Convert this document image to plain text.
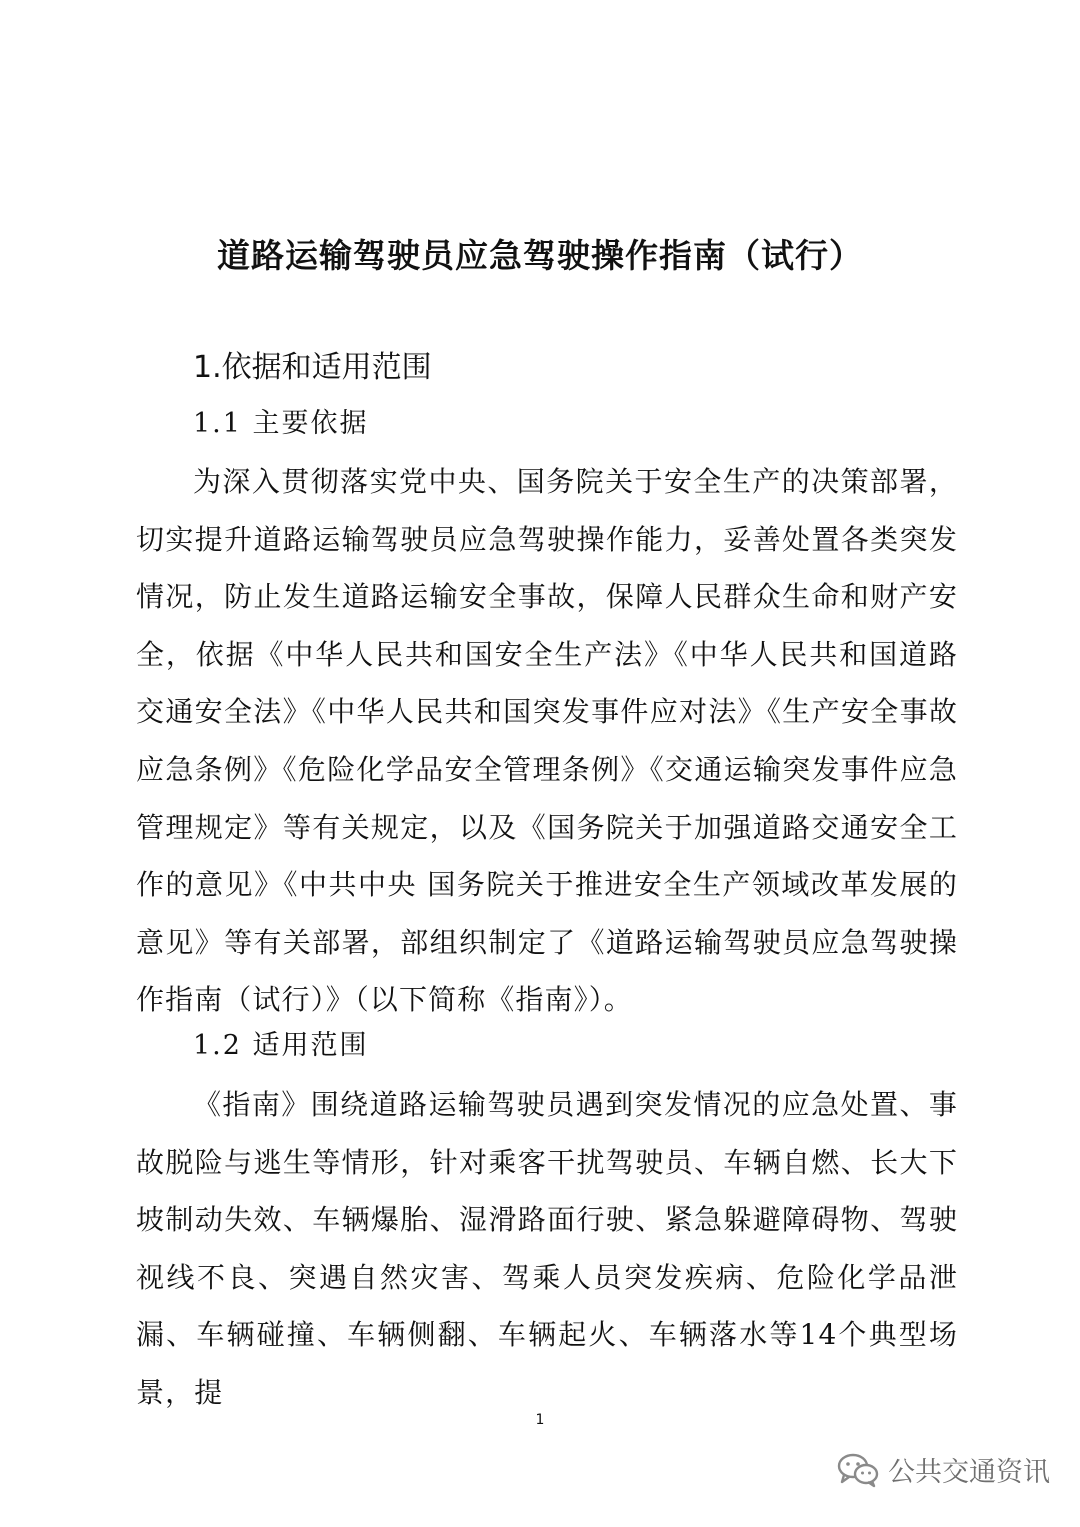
道路运输驾驶员应急驾驶操作指南（试行）
1.依据和适用范围
1.1 主要依据

为深入贯彻落实党中央、国务院关于安全生产的决策部署，切实提升道路运输驾驶员应急驾驶操作能力，妥善处置各类突发情况，防止发生道路运输安全事故，保障人民群众生命和财产安全，依据《中华人民共和国安全生产法》《中华人民共和国道路交通安全法》《中华人民共和国突发事件应对法》《生产安全事故应急条例》《危险化学品安全管理条例》《交通运输突发事件应急管理规定》等有关规定，以及《国务院关于加强道路交通安全工作的意见》《中共中央 国务院关于推进安全生产领域改革发展的意见》等有关部署，部组织制定了《道路运输驾驶员应急驾驶操作指南（试行）》（以下简称《指南》）。

1.2 适用范围

《指南》围绕道路运输驾驶员遇到突发情况的应急处置、事故脱险与逃生等情形，针对乘客干扰驾驶员、车辆自燃、长大下坡制动失效、车辆爆胎、湿滑路面行驶、紧急躲避障碍物、驾驶视线不良、突遇自然灾害、驾乘人员突发疾病、危险化学品泄漏、车辆碰撞、车辆侧翻、车辆起火、车辆落水等14个典型场景，提

1
公共交通资讯
